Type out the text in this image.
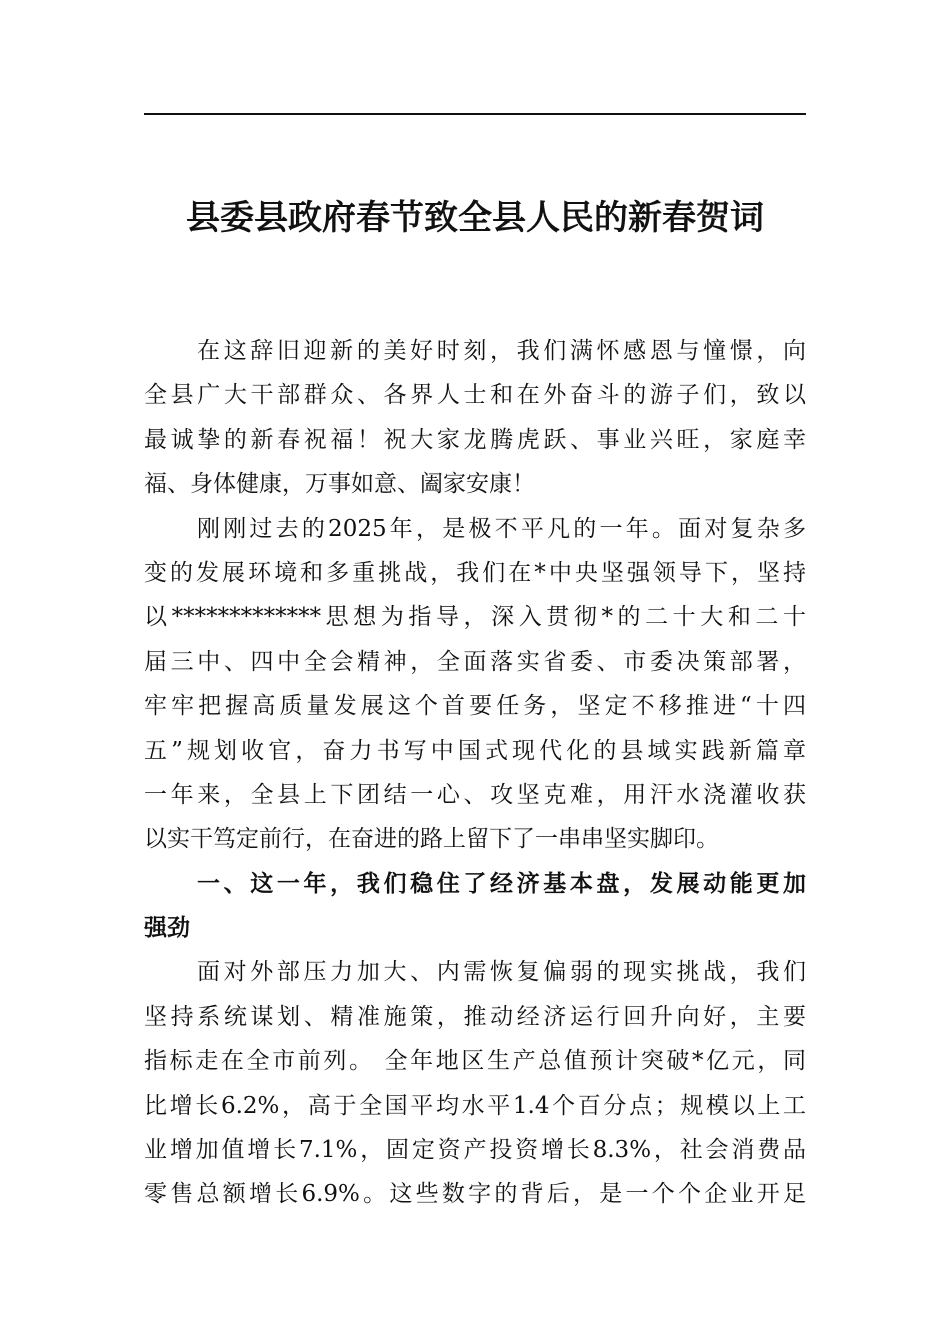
县委县政府春节致全县人民的新春贺词
在这辞旧迎新的美好时刻，我们满怀感恩与憧憬，向
全县广大干部群众、各界人士和在外奋斗的游子们，致以
最诚挚的新春祝福！祝大家龙腾虎跃、事业兴旺，家庭幸
福、身体健康，万事如意、阖家安康！
刚刚过去的2025年，是极不平凡的一年。面对复杂多
变的发展环境和多重挑战，我们在*中央坚强领导下，坚持
以*************思想为指导，深入贯彻*的二十大和二十
届三中、四中全会精神，全面落实省委、市委决策部署，
牢牢把握高质量发展这个首要任务，坚定不移推进“十四
五”规划收官，奋力书写中国式现代化的县域实践新篇章
一年来，全县上下团结一心、攻坚克难，用汗水浇灌收获
以实干笃定前行，在奋进的路上留下了一串串坚实脚印。
一、这一年，我们稳住了经济基本盘，发展动能更加
强劲
面对外部压力加大、内需恢复偏弱的现实挑战，我们
坚持系统谋划、精准施策，推动经济运行回升向好，主要
指标走在全市前列。 全年地区生产总值预计突破*亿元，同
比增长6.2%，高于全国平均水平1.4个百分点；规模以上工
业增加值增长7.1%，固定资产投资增长8.3%，社会消费品
零售总额增长6.9%。这些数字的背后，是一个个企业开足
